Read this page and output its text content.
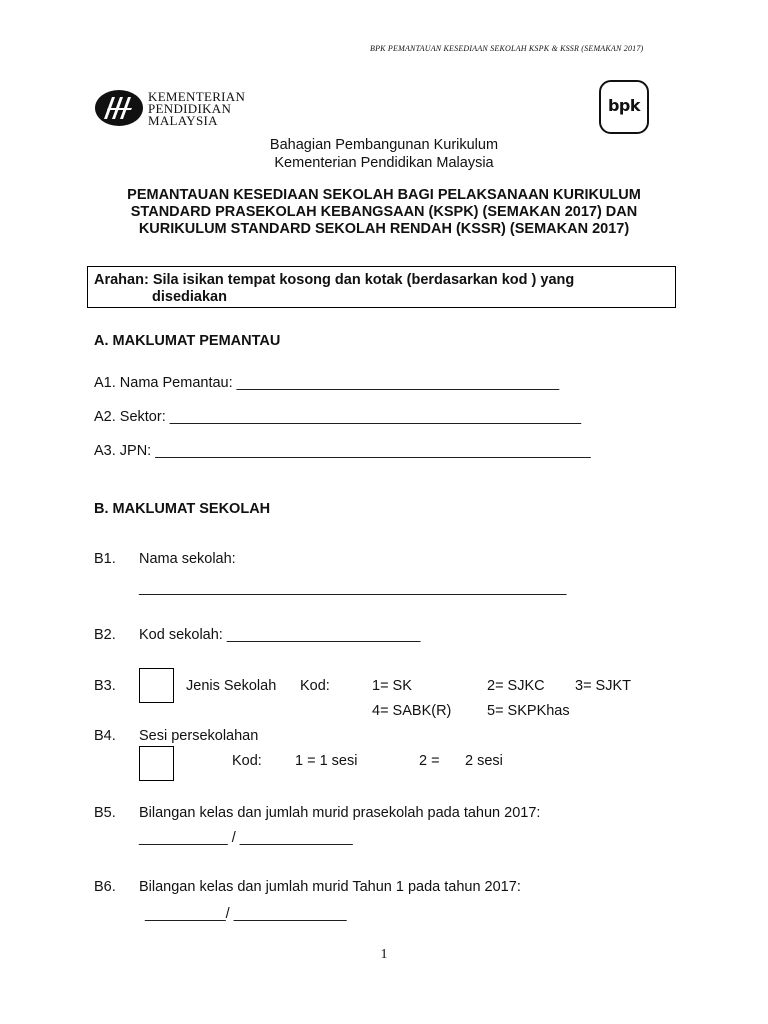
BPK PEMANTAUAN KESEDIAAN SEKOLAH KSPK & KSSR (SEMAKAN 2017)
KEMENTERIAN
PENDIDIKAN
MALAYSIA
bpk
Bahagian Pembangunan Kurikulum
Kementerian Pendidikan Malaysia
PEMANTAUAN KESEDIAAN SEKOLAH BAGI PELAKSANAAN KURIKULUM
STANDARD PRASEKOLAH KEBANGSAAN (KSPK) (SEMAKAN 2017) DAN
KURIKULUM STANDARD SEKOLAH RENDAH (KSSR) (SEMAKAN 2017)
Arahan: Sila isikan tempat kosong dan kotak (berdasarkan kod ) yang
disediakan
A. MAKLUMAT PEMANTAU
A1. Nama Pemantau: ________________________________________
A2. Sektor: ___________________________________________________
A3. JPN: ______________________________________________________
B. MAKLUMAT SEKOLAH
B1. Nama sekolah:
_____________________________________________________
B2. Kod sekolah: ________________________
B3.	Jenis Sekolah Kod:	1= SK	2= SJKC 3= SJKT
4= SABK(R) 5= SKPKhas
B4. Sesi persekolahan
Kod: 1 = 1 sesi	2 = 2 sesi
B5. Bilangan kelas dan jumlah murid prasekolah pada tahun 2017:
___________ / ______________
B6. Bilangan kelas dan jumlah murid Tahun 1 pada tahun 2017:
__________/ ______________
1
